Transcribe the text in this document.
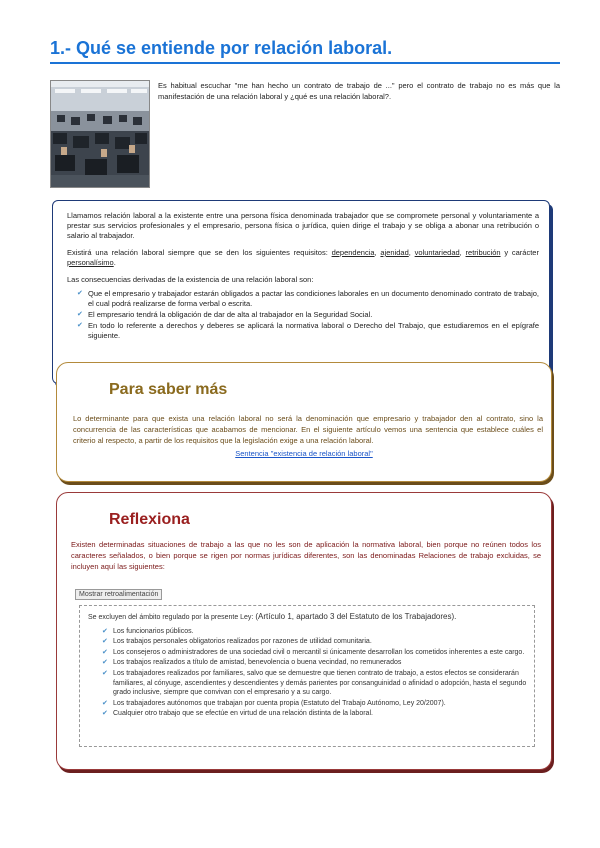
1.- Qué se entiende por relación laboral.
Es habitual escuchar "me han hecho un contrato de trabajo de ..." pero el contrato de trabajo no es más que la manifestación de una relación laboral y ¿qué es una relación laboral?.

Llamamos relación laboral a la existente entre una persona física denominada trabajador que se compromete personal y voluntariamente a prestar sus servicios profesionales y el empresario, persona física o jurídica, quien dirige el trabajo y se obliga a abonar una retribución o salario al trabajador.

Existirá una relación laboral siempre que se den los siguientes requisitos: dependencia, ajenidad, voluntariedad, retribución y carácter personalísimo.

Las consecuencias derivadas de la existencia de una relación laboral son:

✔ Que el empresario y trabajador estarán obligados a pactar las condiciones laborales en un documento denominado contrato de trabajo, el cual podrá realizarse de forma verbal o escrita.
✔ El empresario tendrá la obligación de dar de alta al trabajador en la Seguridad Social.
✔ En todo lo referente a derechos y deberes se aplicará la normativa laboral o Derecho del Trabajo, que estudiaremos en el epígrafe siguiente.
Para saber más
Lo determinante para que exista una relación laboral no será la denominación que empresario y trabajador den al contrato, sino la concurrencia de las características que acabamos de mencionar. En el siguiente artículo vemos una sentencia que establece cuáles el criterio al respecto, a partir de los requisitos que la legislación exige a una relación laboral.
Sentencia "existencia de relación laboral"
Reflexiona
Existen determinadas situaciones de trabajo a las que no les son de aplicación la normativa laboral, bien porque no reúnen todos los caracteres señalados, o bien porque se rigen por normas jurídicas diferentes, son las denominadas Relaciones de trabajo excluidas, se incluyen aquí las siguientes:
Mostrar retroalimentación
Se excluyen del ámbito regulado por la presente Ley: (Artículo 1, apartado 3 del Estatuto de los Trabajadores).
✔ Los funcionarios públicos.
✔ Los trabajos personales obligatorios realizados por razones de utilidad comunitaria.
✔ Los consejeros o administradores de una sociedad civil o mercantil si únicamente desarrollan los cometidos inherentes a este cargo.
✔ Los trabajos realizados a título de amistad, benevolencia o buena vecindad, no remunerados
✔ Los trabajadores realizados por familiares, salvo que se demuestre que tienen contrato de trabajo, a estos efectos se considerarán familiares, al cónyuge, ascendientes y descendientes y demás parientes por consanguinidad o afinidad o adopción, hasta el segundo grado inclusive, siempre que convivan con el empresario y a su cargo.
✔ Los trabajadores autónomos que trabajan por cuenta propia (Estatuto del Trabajo Autónomo, Ley 20/2007).
✔ Cualquier otro trabajo que se efectúe en virtud de una relación distinta de la laboral.
